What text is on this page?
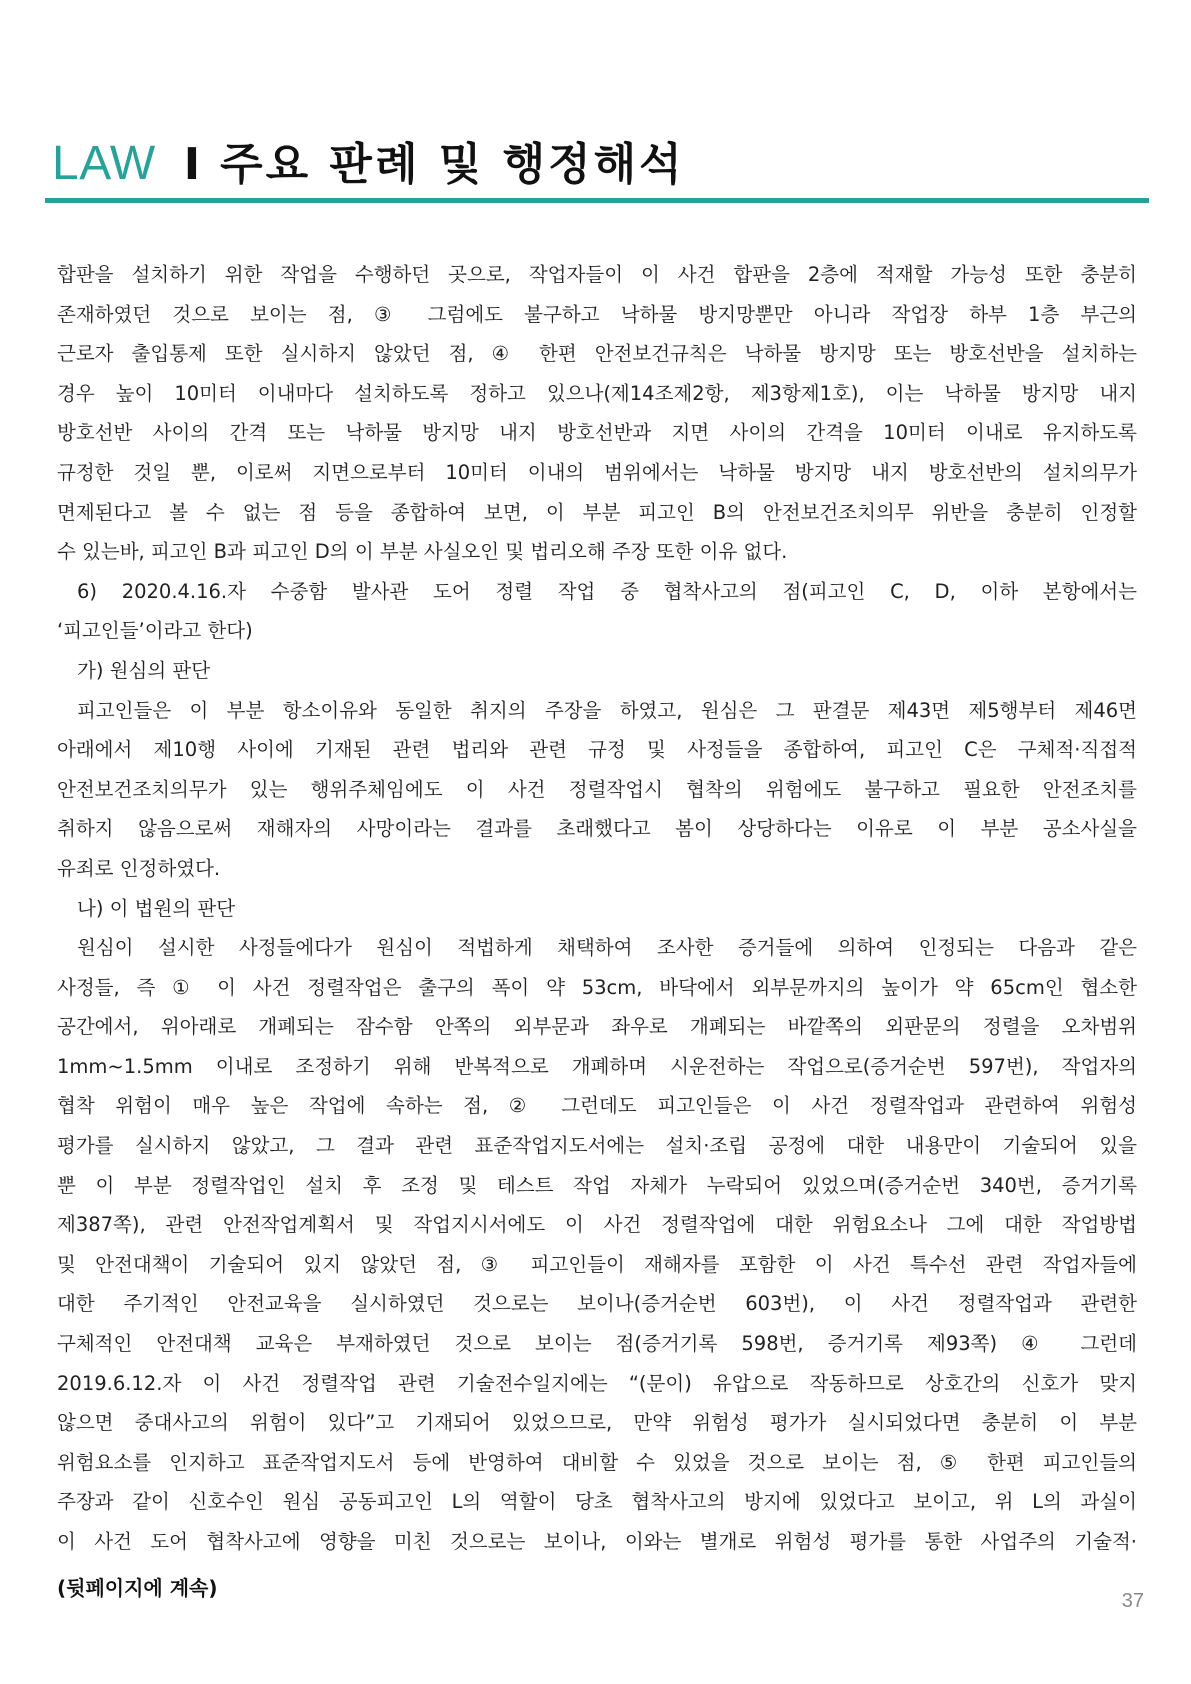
LAW I 주요 판례 및 행정해석
합판을 설치하기 위한 작업을 수행하던 곳으로, 작업자들이 이 사건 합판을 2층에 적재할 가능성 또한 충분히
존재하였던 것으로 보이는 점, ③ 그럼에도 불구하고 낙하물 방지망뿐만 아니라 작업장 하부 1층 부근의
근로자 출입통제 또한 실시하지 않았던 점, ④ 한편 안전보건규칙은 낙하물 방지망 또는 방호선반을 설치하는
경우 높이 10미터 이내마다 설치하도록 정하고 있으나(제14조제2항, 제3항제1호), 이는 낙하물 방지망 내지
방호선반 사이의 간격 또는 낙하물 방지망 내지 방호선반과 지면 사이의 간격을 10미터 이내로 유지하도록
규정한 것일 뿐, 이로써 지면으로부터 10미터 이내의 범위에서는 낙하물 방지망 내지 방호선반의 설치의무가
면제된다고 볼 수 없는 점 등을 종합하여 보면, 이 부분 피고인 B의 안전보건조치의무 위반을 충분히 인정할
수 있는바, 피고인 B과 피고인 D의 이 부분 사실오인 및 법리오해 주장 또한 이유 없다.
6) 2020.4.16.자 수중함 발사관 도어 정렬 작업 중 협착사고의 점(피고인 C, D, 이하 본항에서는
‘피고인들’이라고 한다)
가) 원심의 판단
피고인들은 이 부분 항소이유와 동일한 취지의 주장을 하였고, 원심은 그 판결문 제43면 제5행부터 제46면
아래에서 제10행 사이에 기재된 관련 법리와 관련 규정 및 사정들을 종합하여, 피고인 C은 구체적·직접적
안전보건조치의무가 있는 행위주체임에도 이 사건 정렬작업시 협착의 위험에도 불구하고 필요한 안전조치를
취하지 않음으로써 재해자의 사망이라는 결과를 초래했다고 봄이 상당하다는 이유로 이 부분 공소사실을
유죄로 인정하였다.
나) 이 법원의 판단
원심이 설시한 사정들에다가 원심이 적법하게 채택하여 조사한 증거들에 의하여 인정되는 다음과 같은
사정들, 즉 ① 이 사건 정렬작업은 출구의 폭이 약 53cm, 바닥에서 외부문까지의 높이가 약 65cm인 협소한
공간에서, 위아래로 개폐되는 잠수함 안쪽의 외부문과 좌우로 개폐되는 바깥쪽의 외판문의 정렬을 오차범위
1mm~1.5mm 이내로 조정하기 위해 반복적으로 개폐하며 시운전하는 작업으로(증거순번 597번), 작업자의
협착 위험이 매우 높은 작업에 속하는 점, ② 그런데도 피고인들은 이 사건 정렬작업과 관련하여 위험성
평가를 실시하지 않았고, 그 결과 관련 표준작업지도서에는 설치·조립 공정에 대한 내용만이 기술되어 있을
뿐 이 부분 정렬작업인 설치 후 조정 및 테스트 작업 자체가 누락되어 있었으며(증거순번 340번, 증거기록
제387쪽), 관련 안전작업계획서 및 작업지시서에도 이 사건 정렬작업에 대한 위험요소나 그에 대한 작업방법
및 안전대책이 기술되어 있지 않았던 점, ③ 피고인들이 재해자를 포함한 이 사건 특수선 관련 작업자들에
대한 주기적인 안전교육을 실시하였던 것으로는 보이나(증거순번 603번), 이 사건 정렬작업과 관련한
구체적인 안전대책 교육은 부재하였던 것으로 보이는 점(증거기록 598번, 증거기록 제93쪽) ④ 그런데
2019.6.12.자 이 사건 정렬작업 관련 기술전수일지에는 “(문이) 유압으로 작동하므로 상호간의 신호가 맞지
않으면 중대사고의 위험이 있다”고 기재되어 있었으므로, 만약 위험성 평가가 실시되었다면 충분히 이 부분
위험요소를 인지하고 표준작업지도서 등에 반영하여 대비할 수 있었을 것으로 보이는 점, ⑤ 한편 피고인들의
주장과 같이 신호수인 원심 공동피고인 L의 역할이 당초 협착사고의 방지에 있었다고 보이고, 위 L의 과실이
이 사건 도어 협착사고에 영향을 미친 것으로는 보이나, 이와는 별개로 위험성 평가를 통한 사업주의 기술적·
(뒷페이지에 계속)
37
